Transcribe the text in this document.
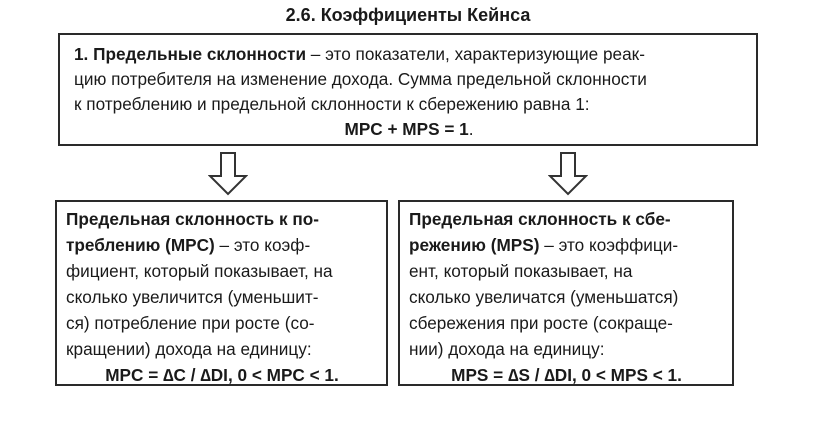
2.6. Коэффициенты Кейнса
1. Предельные склонности – это показатели, характеризующие реак-
цию потребителя на изменение дохода. Сумма предельной склонности
к потреблению и предельной склонности к сбережению равна 1:
MPC + MPS = 1.
Предельная склонность к по-
треблению (MPC) – это коэф-
фициент, который показывает, на
сколько увеличится (уменьшит-
ся) потребление при росте (со-
кращении) дохода на единицу:
MPC = ∆C / ∆DI, 0 < MPC < 1.
Предельная склонность к сбе-
режению (MPS) – это коэффици-
ент, который показывает, на
сколько увеличатся (уменьшатся)
сбережения при росте (сокраще-
нии) дохода на единицу:
MPS = ∆S / ∆DI, 0 < MPS < 1.
